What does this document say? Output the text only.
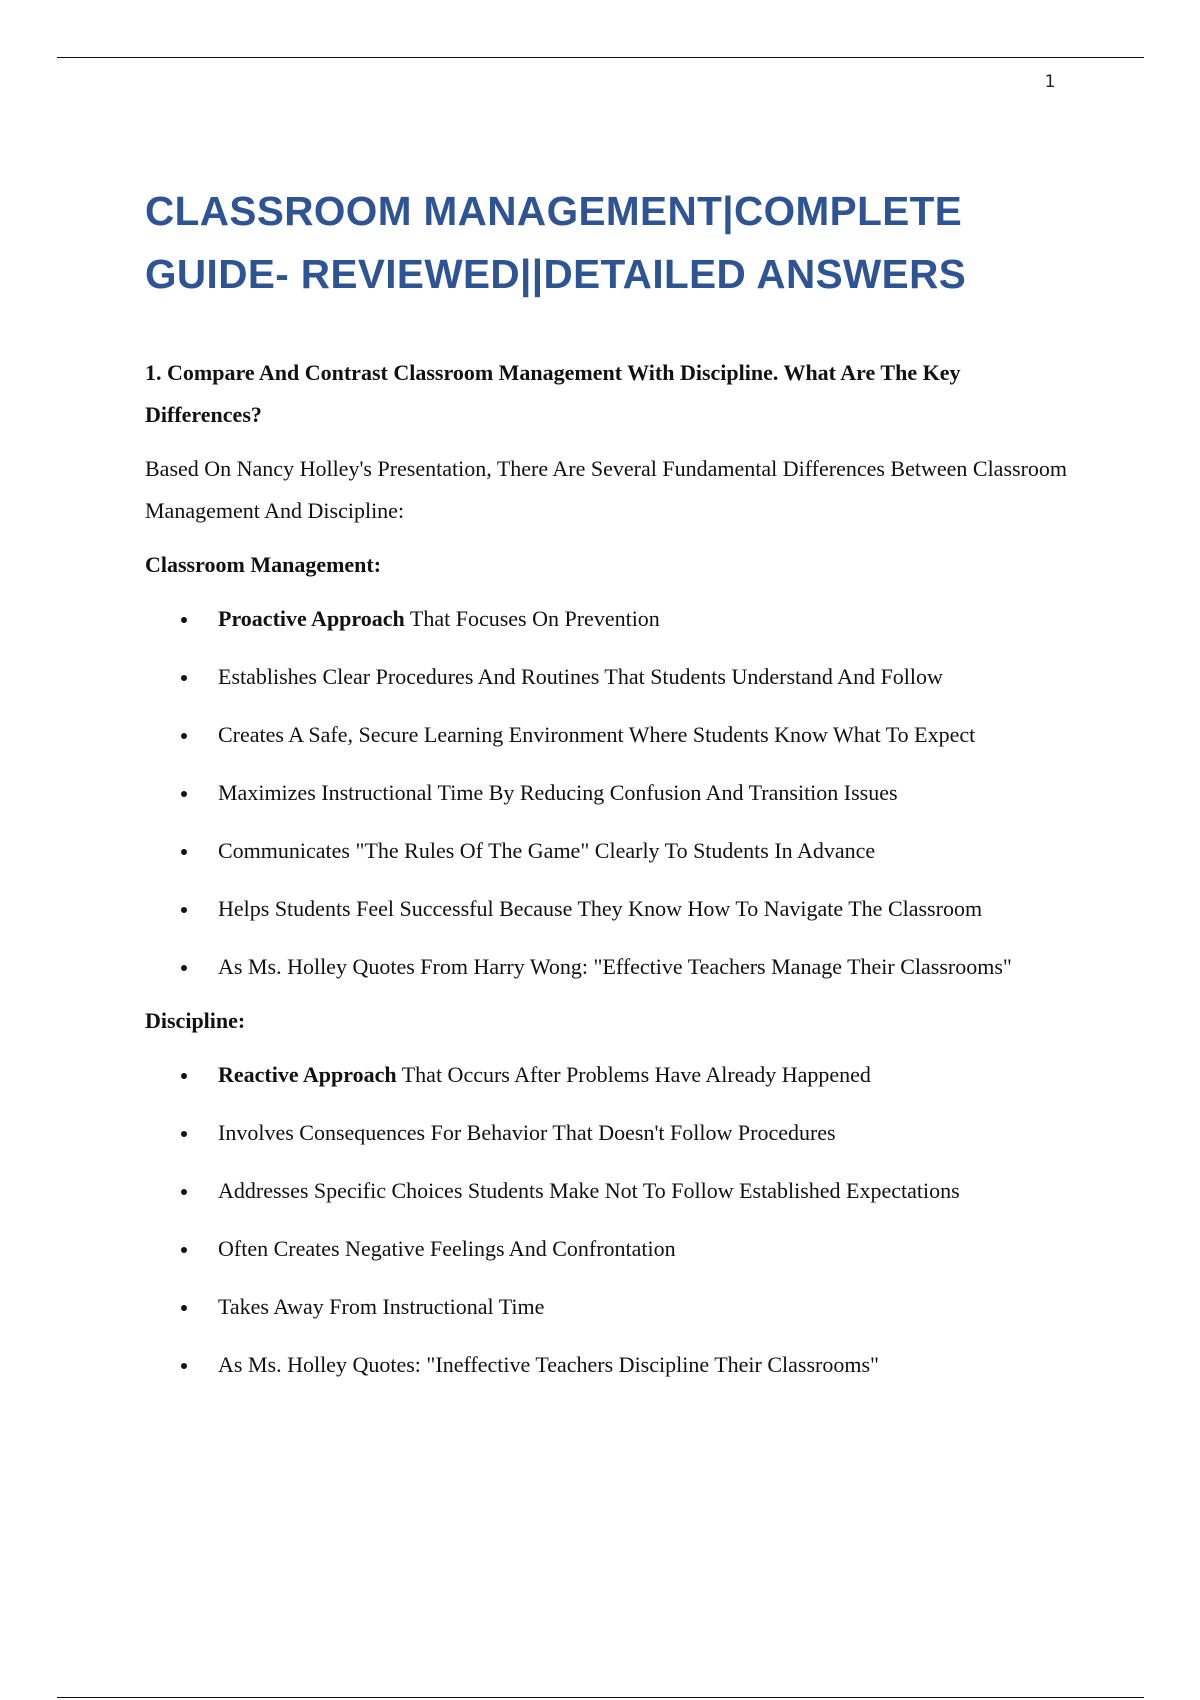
1
CLASSROOM MANAGEMENT|COMPLETE
GUIDE- REVIEWED||DETAILED ANSWERS

1. Compare And Contrast Classroom Management With Discipline. What Are The Key Differences?

Based On Nancy Holley's Presentation, There Are Several Fundamental Differences Between Classroom Management And Discipline:

Classroom Management:

Proactive Approach That Focuses On Prevention
Establishes Clear Procedures And Routines That Students Understand And Follow
Creates A Safe, Secure Learning Environment Where Students Know What To Expect
Maximizes Instructional Time By Reducing Confusion And Transition Issues
Communicates "The Rules Of The Game" Clearly To Students In Advance
Helps Students Feel Successful Because They Know How To Navigate The Classroom
As Ms. Holley Quotes From Harry Wong: "Effective Teachers Manage Their Classrooms"

Discipline:

Reactive Approach That Occurs After Problems Have Already Happened
Involves Consequences For Behavior That Doesn't Follow Procedures
Addresses Specific Choices Students Make Not To Follow Established Expectations
Often Creates Negative Feelings And Confrontation
Takes Away From Instructional Time
As Ms. Holley Quotes: "Ineffective Teachers Discipline Their Classrooms"
